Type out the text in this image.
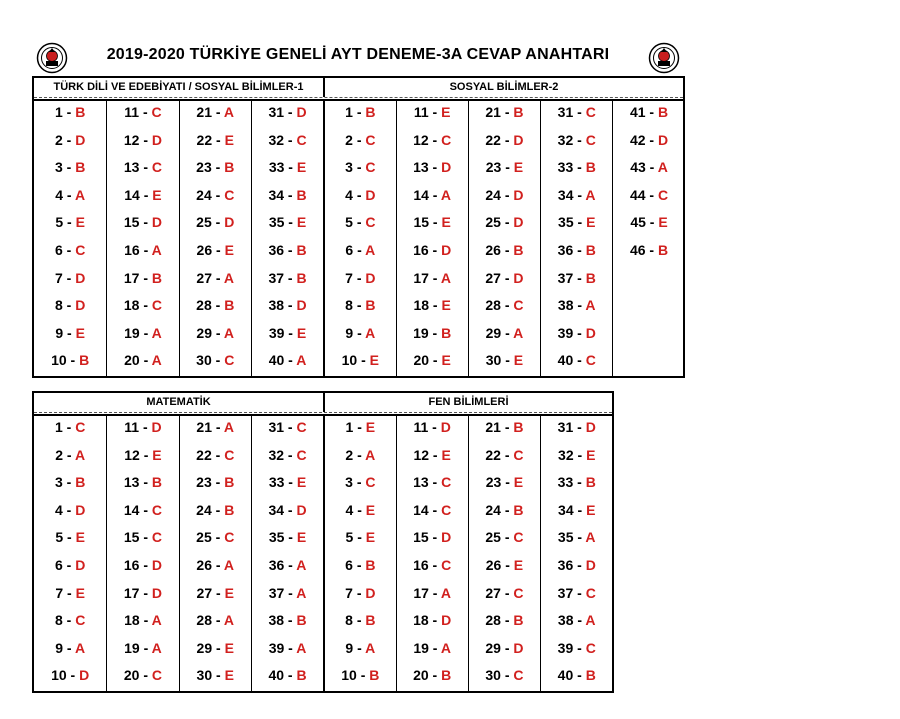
2019-2020 TÜRKİYE GENELİ AYT DENEME-3A CEVAP ANAHTARI
TÜRK DİLİ VE EDEBİYATI / SOSYAL BİLİMLER-1	SOSYAL BİLİMLER-2
1 - B
2 - D
3 - B
4 - A
5 - E
6 - C
7 - D
8 - D
9 - E
10 - B
11 - C
12 - D
13 - C
14 - E
15 - D
16 - A
17 - B
18 - C
19 - A
20 - A
21 - A
22 - E
23 - B
24 - C
25 - D
26 - E
27 - A
28 - B
29 - A
30 - C
31 - D
32 - C
33 - E
34 - B
35 - E
36 - B
37 - B
38 - D
39 - E
40 - A
1 - B
2 - C
3 - C
4 - D
5 - C
6 - A
7 - D
8 - B
9 - A
10 - E
11 - E
12 - C
13 - D
14 - A
15 - E
16 - D
17 - A
18 - E
19 - B
20 - E
21 - B
22 - D
23 - E
24 - D
25 - D
26 - B
27 - D
28 - C
29 - A
30 - E
31 - C
32 - C
33 - B
34 - A
35 - E
36 - B
37 - B
38 - A
39 - D
40 - C
41 - B
42 - D
43 - A
44 - C
45 - E
46 - B
MATEMATİK	FEN BİLİMLERİ
1 - C
2 - A
3 - B
4 - D
5 - E
6 - D
7 - E
8 - C
9 - A
10 - D
11 - D
12 - E
13 - B
14 - C
15 - C
16 - D
17 - D
18 - A
19 - A
20 - C
21 - A
22 - C
23 - B
24 - B
25 - C
26 - A
27 - E
28 - A
29 - E
30 - E
31 - C
32 - C
33 - E
34 - D
35 - E
36 - A
37 - A
38 - B
39 - A
40 - B
1 - E
2 - A
3 - C
4 - E
5 - E
6 - B
7 - D
8 - B
9 - A
10 - B
11 - D
12 - E
13 - C
14 - C
15 - D
16 - C
17 - A
18 - D
19 - A
20 - B
21 - B
22 - C
23 - E
24 - B
25 - C
26 - E
27 - C
28 - B
29 - D
30 - C
31 - D
32 - E
33 - B
34 - E
35 - A
36 - D
37 - C
38 - A
39 - C
40 - B
